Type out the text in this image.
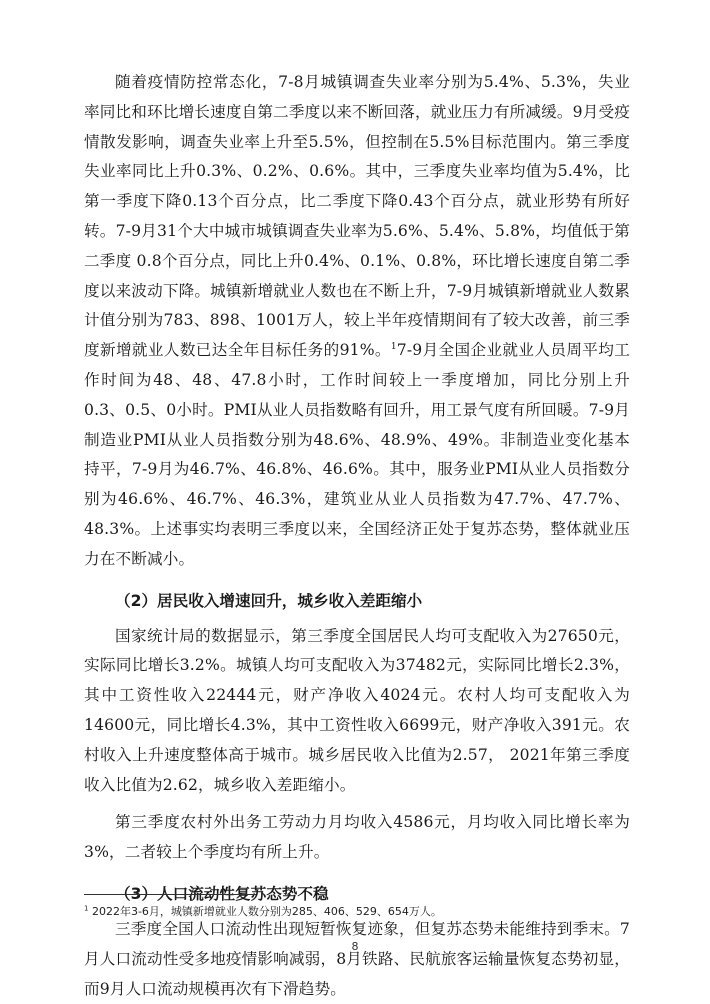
随着疫情防控常态化，7-8月城镇调查失业率分别为5.4%、5.3%，失业率同比和环比增长速度自第二季度以来不断回落，就业压力有所减缓。9月受疫情散发影响，调查失业率上升至5.5%，但控制在5.5%目标范围内。第三季度失业率同比上升0.3%、0.2%、0.6%。其中，三季度失业率均值为5.4%，比第一季度下降0.13个百分点，比二季度下降0.43个百分点，就业形势有所好转。7-9月31个大中城市城镇调查失业率为5.6%、5.4%、5.8%，均值低于第二季度 0.8个百分点，同比上升0.4%、0.1%、0.8%，环比增长速度自第二季度以来波动下降。城镇新增就业人数也在不断上升，7-9月城镇新增就业人数累计值分别为783、898、1001万人，较上半年疫情期间有了较大改善，前三季度新增就业人数已达全年目标任务的91%。$^1$7-9月全国企业就业人员周平均工作时间为48、48、47.8小时，工作时间较上一季度增加，同比分别上升 0.3、0.5、0小时。PMI从业人员指数略有回升，用工景气度有所回暖。7-9月制造业PMI从业人员指数分别为48.6%、48.9%、49%。非制造业变化基本持平，7-9月为46.7%、46.8%、46.6%。其中，服务业PMI从业人员指数分别为46.6%、46.7%、46.3%，建筑业从业人员指数为47.7%、47.7%、48.3%。上述事实均表明三季度以来，全国经济正处于复苏态势，整体就业压力在不断减小。

（2）居民收入增速回升，城乡收入差距缩小

国家统计局的数据显示，第三季度全国居民人均可支配收入为27650元，实际同比增长3.2%。城镇人均可支配收入为37482元，实际同比增长2.3%，其中工资性收入22444元，财产净收入4024元。农村人均可支配收入为14600元，同比增长4.3%，其中工资性收入6699元，财产净收入391元。农村收入上升速度整体高于城市。城乡居民收入比值为2.57， 2021年第三季度收入比值为2.62，城乡收入差距缩小。

第三季度农村外出务工劳动力月均收入4586元，月均收入同比增长率为3%，二者较上个季度均有所上升。

（3）人口流动性复苏态势不稳

三季度全国人口流动性出现短暂恢复迹象，但复苏态势未能维持到季末。7月人口流动性受多地疫情影响减弱，8月铁路、民航旅客运输量恢复态势初显，而9月人口流动规模再次有下滑趋势。

$^1$ 2022年3-6月，城镇新增就业人数分别为285、406、529、654万人。
8
